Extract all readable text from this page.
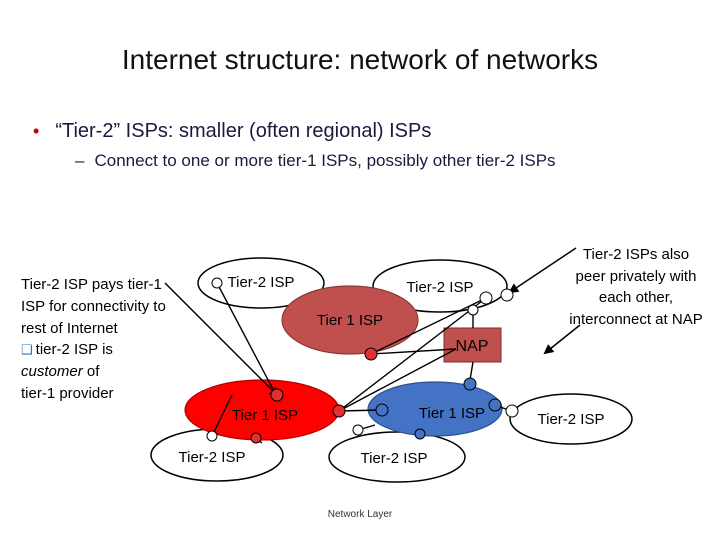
Internet structure: network of networks
• “Tier-2” ISPs: smaller (often regional) ISPs
– Connect to one or more tier-1 ISPs, possibly other tier-2 ISPs
Tier-2 ISP	Tier-2 ISP
Tier 1 ISP
NAP
Tier 1 ISP	Tier 1 ISP	Tier-2 ISP
Tier-2 ISP	Tier-2 ISP
Tier-2 ISP pays tier-1 ISP for connectivity to rest of Internet
❑ tier-2 ISP is
customer of
tier-1 provider
Tier-2 ISPs also peer privately with each other, interconnect at NAP
Network Layer
